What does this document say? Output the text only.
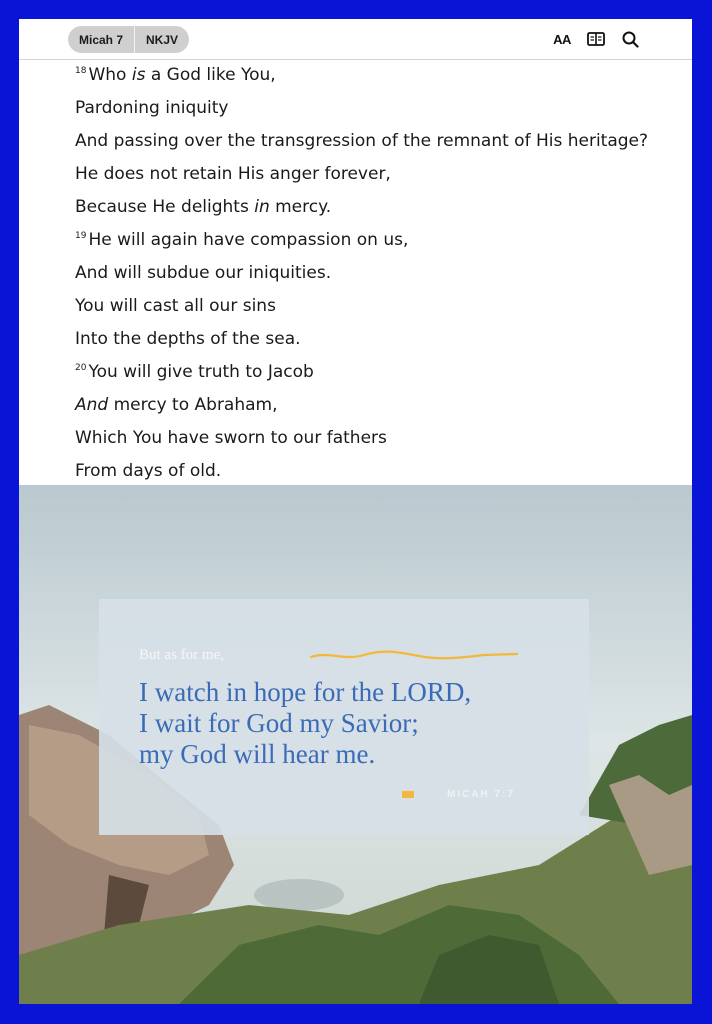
Micah 7	NKJV	AA
$^{18}$ Who is a God like You,
Pardoning iniquity
And passing over the transgression of the remnant of His heritage?
He does not retain His anger forever,
Because He delights in mercy.
$^{19}$ He will again have compassion on us,
And will subdue our iniquities.
You will cast all our sins
Into the depths of the sea.
$^{20}$ You will give truth to Jacob
And mercy to Abraham,
Which You have sworn to our fathers
From days of old.
But as for me,
I watch in hope for the LORD,
I wait for God my Savior;
my God will hear me.
MICAH 7:7
